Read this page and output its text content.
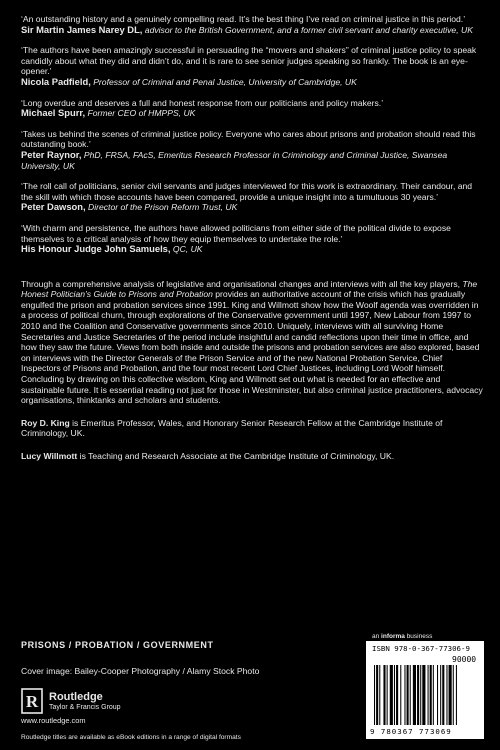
‘An outstanding history and a genuinely compelling read. It’s the best thing I’ve read on criminal justice in this period.’
Sir Martin James Narey DL, advisor to the British Government, and a former civil servant and charity executive, UK
‘The authors have been amazingly successful in persuading the “movers and shakers” of criminal justice policy to speak candidly about what they did and didn’t do, and it is rare to see senior judges speaking so frankly. The book is an eye-opener.’
Nicola Padfield, Professor of Criminal and Penal Justice, University of Cambridge, UK
‘Long overdue and deserves a full and honest response from our politicians and policy makers.’
Michael Spurr, Former CEO of HMPPS, UK
‘Takes us behind the scenes of criminal justice policy. Everyone who cares about prisons and probation should read this outstanding book.’
Peter Raynor, PhD, FRSA, FAcS, Emeritus Research Professor in Criminology and Criminal Justice, Swansea University, UK
‘The roll call of politicians, senior civil servants and judges interviewed for this work is extraordinary. Their candour, and the skill with which those accounts have been compared, provide a unique insight into a tumultuous 30 years.’
Peter Dawson, Director of the Prison Reform Trust, UK
‘With charm and persistence, the authors have allowed politicians from either side of the political divide to expose themselves to a critical analysis of how they equip themselves to undertake the role.’
His Honour Judge John Samuels, QC, UK

Through a comprehensive analysis of legislative and organisational changes and interviews with all the key players, The Honest Politician’s Guide to Prisons and Probation provides an authoritative account of the crisis which has gradually engulfed the prison and probation services since 1991. King and Willmott show how the Woolf agenda was overridden in a process of political churn, through explorations of the Conservative government until 1997, New Labour from 1997 to 2010 and the Coalition and Conservative governments since 2010. Uniquely, interviews with all surviving Home Secretaries and Justice Secretaries of the period include insightful and candid reflections upon their time in office, and how they saw the future. Views from both inside and outside the prisons and probation services are also explored, based on interviews with the Director Generals of the Prison Service and of the new National Probation Service, Chief Inspectors of Prisons and Probation, and the four most recent Lord Chief Justices, including Lord Woolf himself. Concluding by drawing on this collective wisdom, King and Willmott set out what is needed for an effective and sustainable future. It is essential reading not just for those in Westminster, but also criminal justice practitioners, advocacy organisations, thinktanks and scholars and students.

Roy D. King is Emeritus Professor, Wales, and Honorary Senior Research Fellow at the Cambridge Institute of Criminology, UK.

Lucy Willmott is Teaching and Research Associate at the Cambridge Institute of Criminology, UK.

PRISONS / PROBATION / GOVERNMENT
Cover image: Bailey-Cooper Photography / Alamy Stock Photo
R Routledge
Taylor & Francis Group
www.routledge.com
Routledge titles are available as eBook editions in a range of digital formats
an informa business
ISBN 978-0-367-77306-9
90000
9 780367 773069
